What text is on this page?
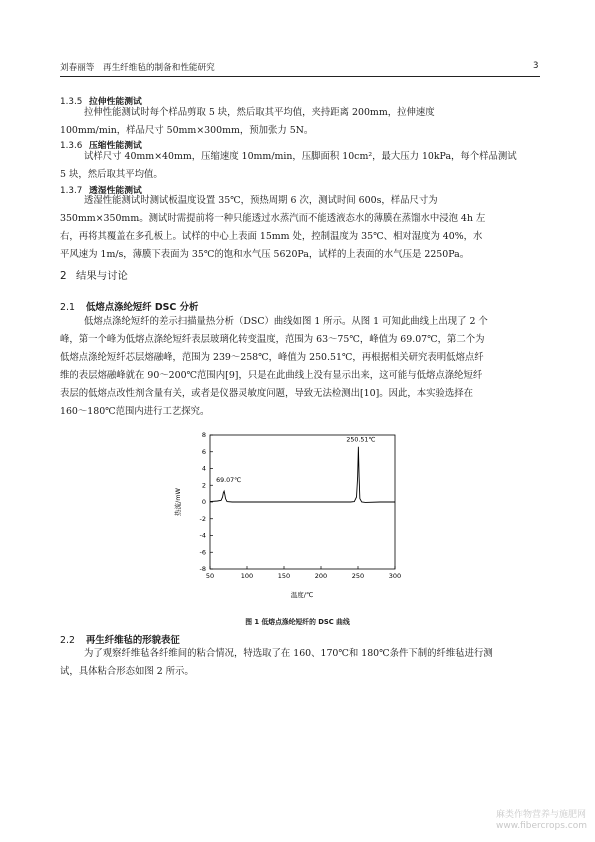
刘春丽等　再生纤维毡的制备和性能研究	3
1.3.5 拉伸性能测试
拉伸性能测试时每个样品剪取 5 块，然后取其平均值，夹持距离 200mm，拉伸速度
100mm/min，样品尺寸 50mm×300mm，预加张力 5N。
1.3.6 压缩性能测试
试样尺寸 40mm×40mm，压缩速度 10mm/min，压脚面积 10cm²，最大压力 10kPa，每个样品测试
5 块，然后取其平均值。
1.3.7 透湿性能测试
透湿性能测试时测试板温度设置 35℃，预热周期 6 次，测试时间 600s，样品尺寸为
350mm×350mm。测试时需提前将一种只能透过水蒸汽而不能透液态水的薄膜在蒸馏水中浸泡 4h 左
右，再将其覆盖在多孔板上。试样的中心上表面 15mm 处，控制温度为 35℃、相对湿度为 40%，水
平风速为 1m/s，薄膜下表面为 35℃的饱和水气压 5620Pa，试样的上表面的水气压是 2250Pa。
2 结果与讨论
2.1 低熔点涤纶短纤 DSC 分析
低熔点涤纶短纤的差示扫描量热分析（DSC）曲线如图 1 所示。从图 1 可知此曲线上出现了 2 个
峰，第一个峰为低熔点涤纶短纤表层玻璃化转变温度，范围为 63～75℃，峰值为 69.07℃，第二个为
低熔点涤纶短纤芯层熔融峰，范围为 239～258℃，峰值为 250.51℃，再根据相关研究表明低熔点纤
维的表层熔融峰就在 90～200℃范围内[9]，只是在此曲线上没有显示出来，这可能与低熔点涤纶短纤
表层的低熔点改性剂含量有关，或者是仪器灵敏度问题，导致无法检测出[10]。因此，本实验选择在
160～180℃范围内进行工艺探究。
50	100	150	200	250	300
-8
-6
-4
-2
0
2
4
6
8
69.07℃
250.51℃
温度/℃
热流/mW
图 1 低熔点涤纶短纤的 DSC 曲线
2.2 再生纤维毡的形貌表征
为了观察纤维毡各纤维间的粘合情况，特选取了在 160、170℃和 180℃条件下制的纤维毡进行测
试，具体粘合形态如图 2 所示。
麻类作物营养与施肥网
www.fibercrops.com
